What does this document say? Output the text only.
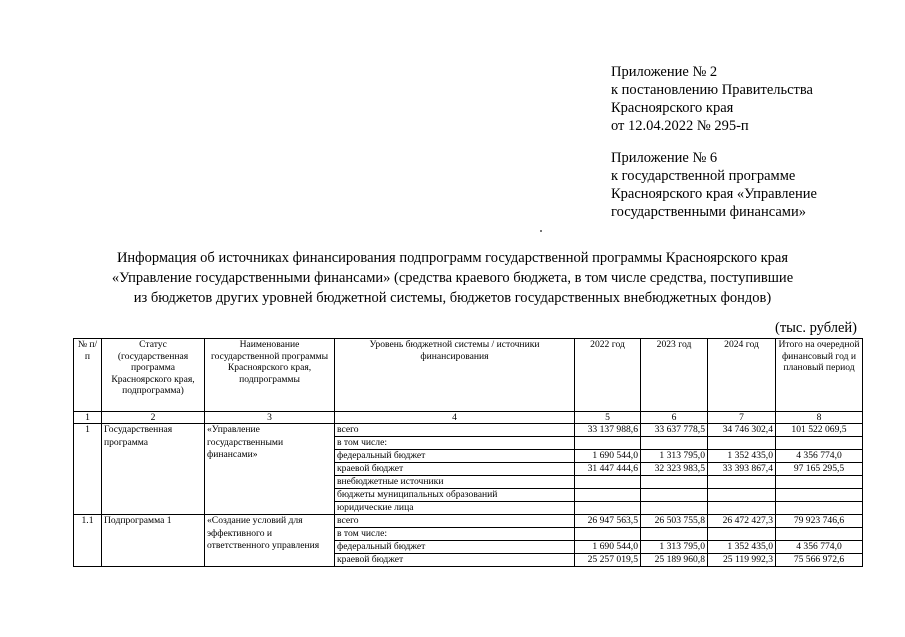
Приложение № 2
к постановлению Правительства
Красноярского края
от 12.04.2022 № 295-п
Приложение № 6
к государственной программе
Красноярского края «Управление
государственными финансами»
Информация об источниках финансирования подпрограмм государственной программы Красноярского края
«Управление государственными финансами» (средства краевого бюджета, в том числе средства, поступившие
из бюджетов других уровней бюджетной системы, бюджетов государственных внебюджетных фондов)
(тыс. рублей)
№ п/п	Статус (государственная программа Красноярского края, подпрограмма)	Наименование государственной программы Красноярского края, подпрограммы	Уровень бюджетной системы / источники финансирования	2022 год	2023 год	2024 год	Итого на очередной финансовый год и плановый период
1	2	3	4	5	6	7	8
1	Государственная программа	«Управление государственными финансами»	всего	33 137 988,6	33 637 778,5	34 746 302,4	101 522 069,5
			в том числе:				
			федеральный бюджет	1 690 544,0	1 313 795,0	1 352 435,0	4 356 774,0
			краевой бюджет	31 447 444,6	32 323 983,5	33 393 867,4	97 165 295,5
			внебюджетные источники				
			бюджеты муниципальных образований				
			юридические лица				
1.1	Подпрограмма 1	«Создание условий для эффективного и ответственного управления	всего	26 947 563,5	26 503 755,8	26 472 427,3	79 923 746,6
			в том числе:				
			федеральный бюджет	1 690 544,0	1 313 795,0	1 352 435,0	4 356 774,0
			краевой бюджет	25 257 019,5	25 189 960,8	25 119 992,3	75 566 972,6
